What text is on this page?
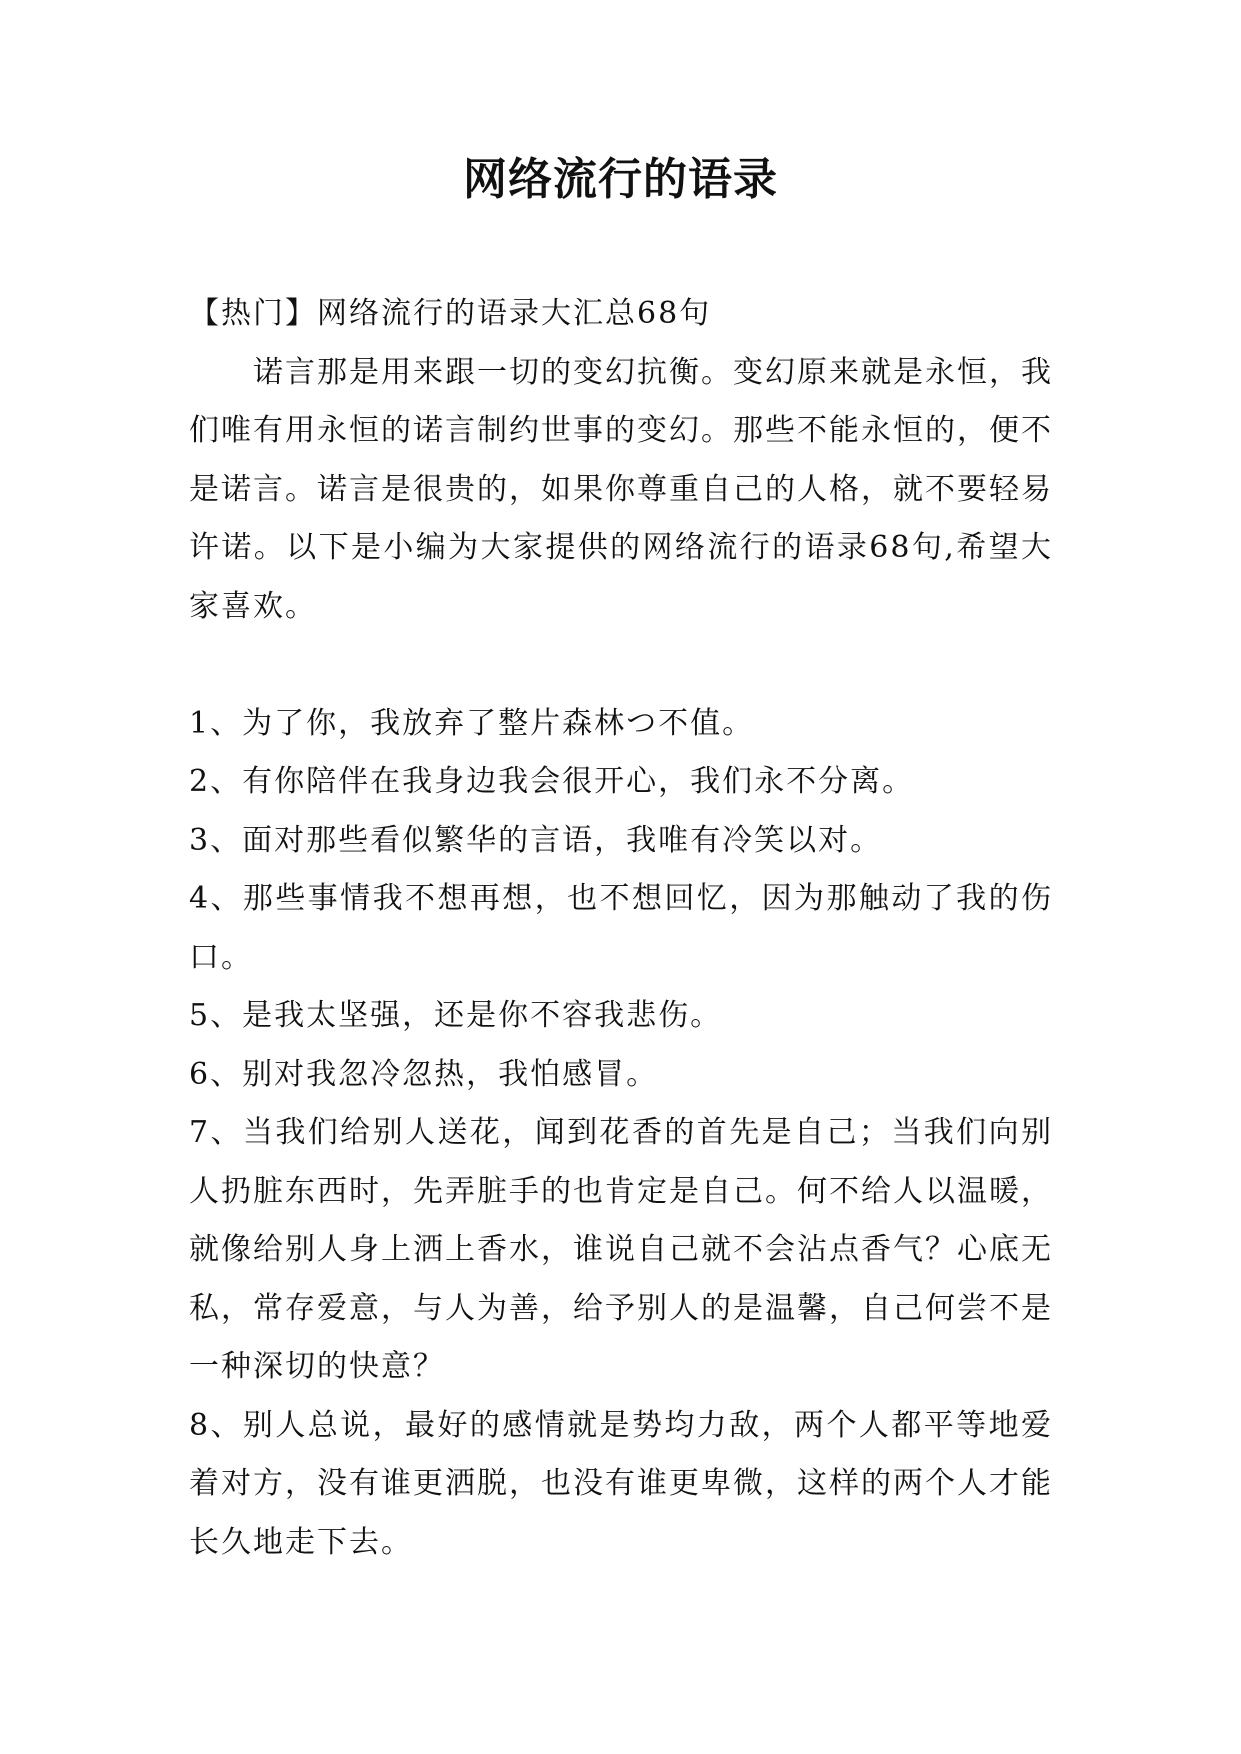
网络流行的语录

【热门】网络流行的语录大汇总68句

诺言那是用来跟一切的变幻抗衡。变幻原来就是永恒，我们唯有用永恒的诺言制约世事的变幻。那些不能永恒的，便不是诺言。诺言是很贵的，如果你尊重自己的人格，就不要轻易许诺。以下是小编为大家提供的网络流行的语录68句,希望大家喜欢。

1、为了你，我放弃了整片森林つ不值。
2、有你陪伴在我身边我会很开心，我们永不分离。
3、面对那些看似繁华的言语，我唯有冷笑以对。
4、那些事情我不想再想，也不想回忆，因为那触动了我的伤口。
5、是我太坚强，还是你不容我悲伤。
6、别对我忽冷忽热，我怕感冒。
7、当我们给别人送花，闻到花香的首先是自己；当我们向别人扔脏东西时，先弄脏手的也肯定是自己。何不给人以温暖，就像给别人身上洒上香水，谁说自己就不会沾点香气？心底无私，常存爱意，与人为善，给予别人的是温馨，自己何尝不是一种深切的快意？
8、别人总说，最好的感情就是势均力敌，两个人都平等地爱着对方，没有谁更洒脱，也没有谁更卑微，这样的两个人才能长久地走下去。
